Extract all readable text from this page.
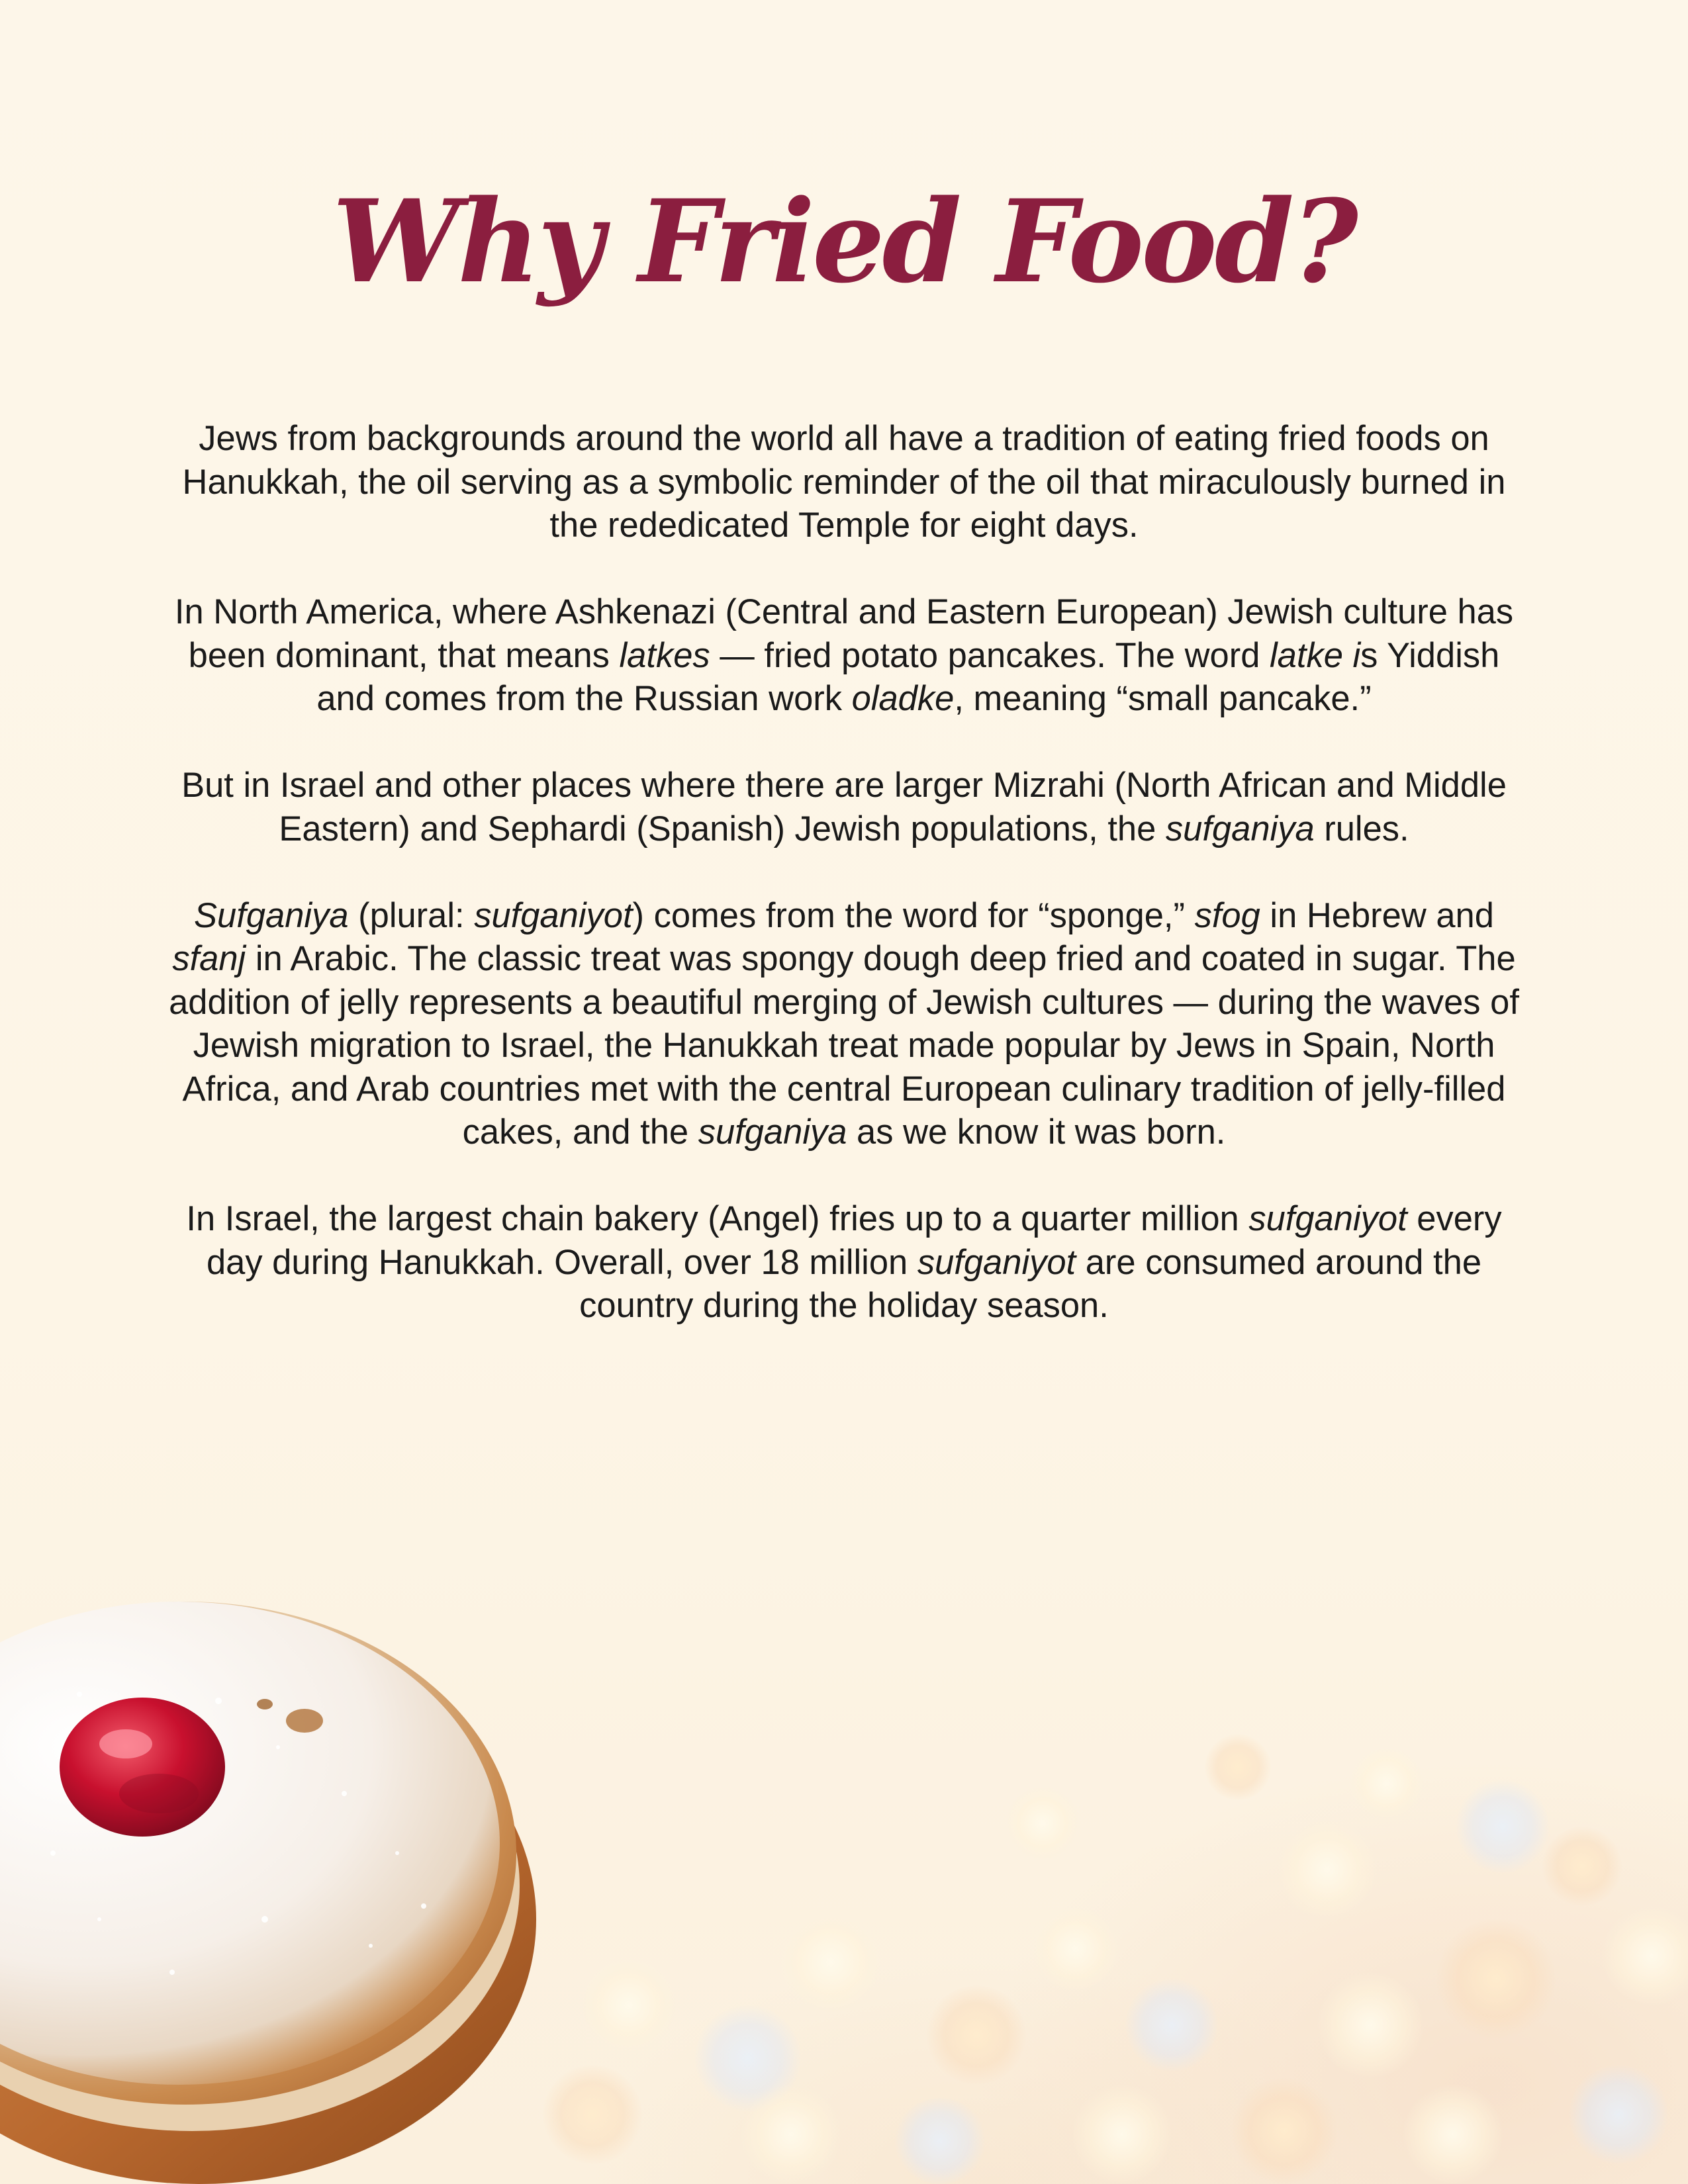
Why Fried Food?

Jews from backgrounds around the world all have a tradition of eating fried foods on Hanukkah, the oil serving as a symbolic reminder of the oil that miraculously burned in the rededicated Temple for eight days.

In North America, where Ashkenazi (Central and Eastern European) Jewish culture has been dominant, that means latkes — fried potato pancakes. The word latke is Yiddish and comes from the Russian work oladke, meaning “small pancake.”

But in Israel and other places where there are larger Mizrahi (North African and Middle Eastern) and Sephardi (Spanish) Jewish populations, the sufganiya rules.

Sufganiya (plural: sufganiyot) comes from the word for “sponge,” sfog in Hebrew and sfanj in Arabic. The classic treat was spongy dough deep fried and coated in sugar. The addition of jelly represents a beautiful merging of Jewish cultures — during the waves of Jewish migration to Israel, the Hanukkah treat made popular by Jews in Spain, North Africa, and Arab countries met with the central European culinary tradition of jelly-filled cakes, and the sufganiya as we know it was born.

In Israel, the largest chain bakery (Angel) fries up to a quarter million sufganiyot every day during Hanukkah. Overall, over 18 million sufganiyot are consumed around the country during the holiday season.
